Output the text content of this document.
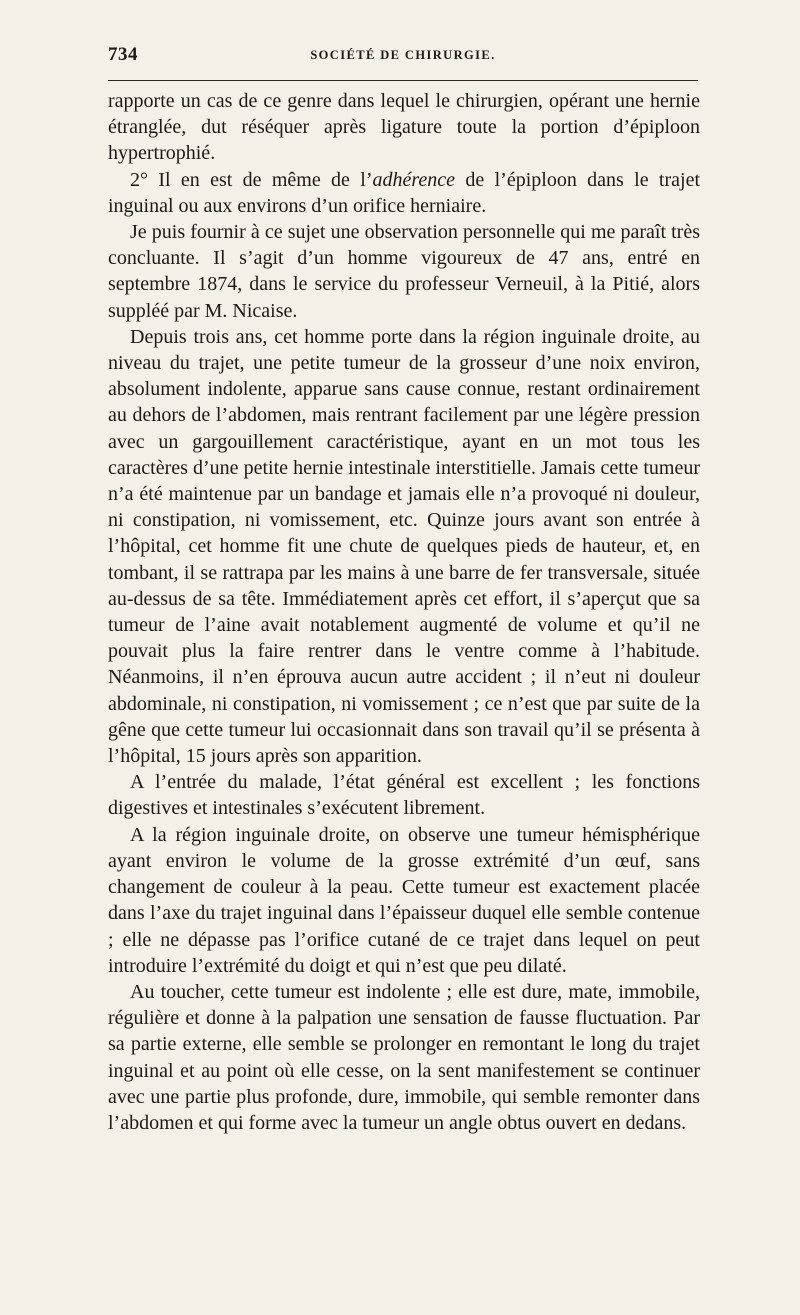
734	SOCIÉTÉ DE CHIRURGIE.

rapporte un cas de ce genre dans lequel le chirurgien, opérant une hernie étranglée, dut réséquer après ligature toute la portion d’épiploon hypertrophié.

2° Il en est de même de l’adhérence de l’épiploon dans le trajet inguinal ou aux environs d’un orifice herniaire.

Je puis fournir à ce sujet une observation personnelle qui me paraît très concluante. Il s’agit d’un homme vigoureux de 47 ans, entré en septembre 1874, dans le service du professeur Verneuil, à la Pitié, alors suppléé par M. Nicaise.

Depuis trois ans, cet homme porte dans la région inguinale droite, au niveau du trajet, une petite tumeur de la grosseur d’une noix environ, absolument indolente, apparue sans cause connue, restant ordinairement au dehors de l’abdomen, mais rentrant facilement par une légère pression avec un gargouillement caractéristique, ayant en un mot tous les caractères d’une petite hernie intestinale interstitielle. Jamais cette tumeur n’a été maintenue par un bandage et jamais elle n’a provoqué ni douleur, ni constipation, ni vomissement, etc. Quinze jours avant son entrée à l’hôpital, cet homme fit une chute de quelques pieds de hauteur, et, en tombant, il se rattrapa par les mains à une barre de fer transversale, située au-dessus de sa tête. Immédiatement après cet effort, il s’aperçut que sa tumeur de l’aine avait notablement augmenté de volume et qu’il ne pouvait plus la faire rentrer dans le ventre comme à l’habitude. Néanmoins, il n’en éprouva aucun autre accident ; il n’eut ni douleur abdominale, ni constipation, ni vomissement ; ce n’est que par suite de la gêne que cette tumeur lui occasionnait dans son travail qu’il se présenta à l’hôpital, 15 jours après son apparition.

A l’entrée du malade, l’état général est excellent ; les fonctions digestives et intestinales s’exécutent librement.

A la région inguinale droite, on observe une tumeur hémisphérique ayant environ le volume de la grosse extrémité d’un œuf, sans changement de couleur à la peau. Cette tumeur est exactement placée dans l’axe du trajet inguinal dans l’épaisseur duquel elle semble contenue ; elle ne dépasse pas l’orifice cutané de ce trajet dans lequel on peut introduire l’extrémité du doigt et qui n’est que peu dilaté.

Au toucher, cette tumeur est indolente ; elle est dure, mate, immobile, régulière et donne à la palpation une sensation de fausse fluctuation. Par sa partie externe, elle semble se prolonger en remontant le long du trajet inguinal et au point où elle cesse, on la sent manifestement se continuer avec une partie plus profonde, dure, immobile, qui semble remonter dans l’abdomen et qui forme avec la tumeur un angle obtus ouvert en dedans.
